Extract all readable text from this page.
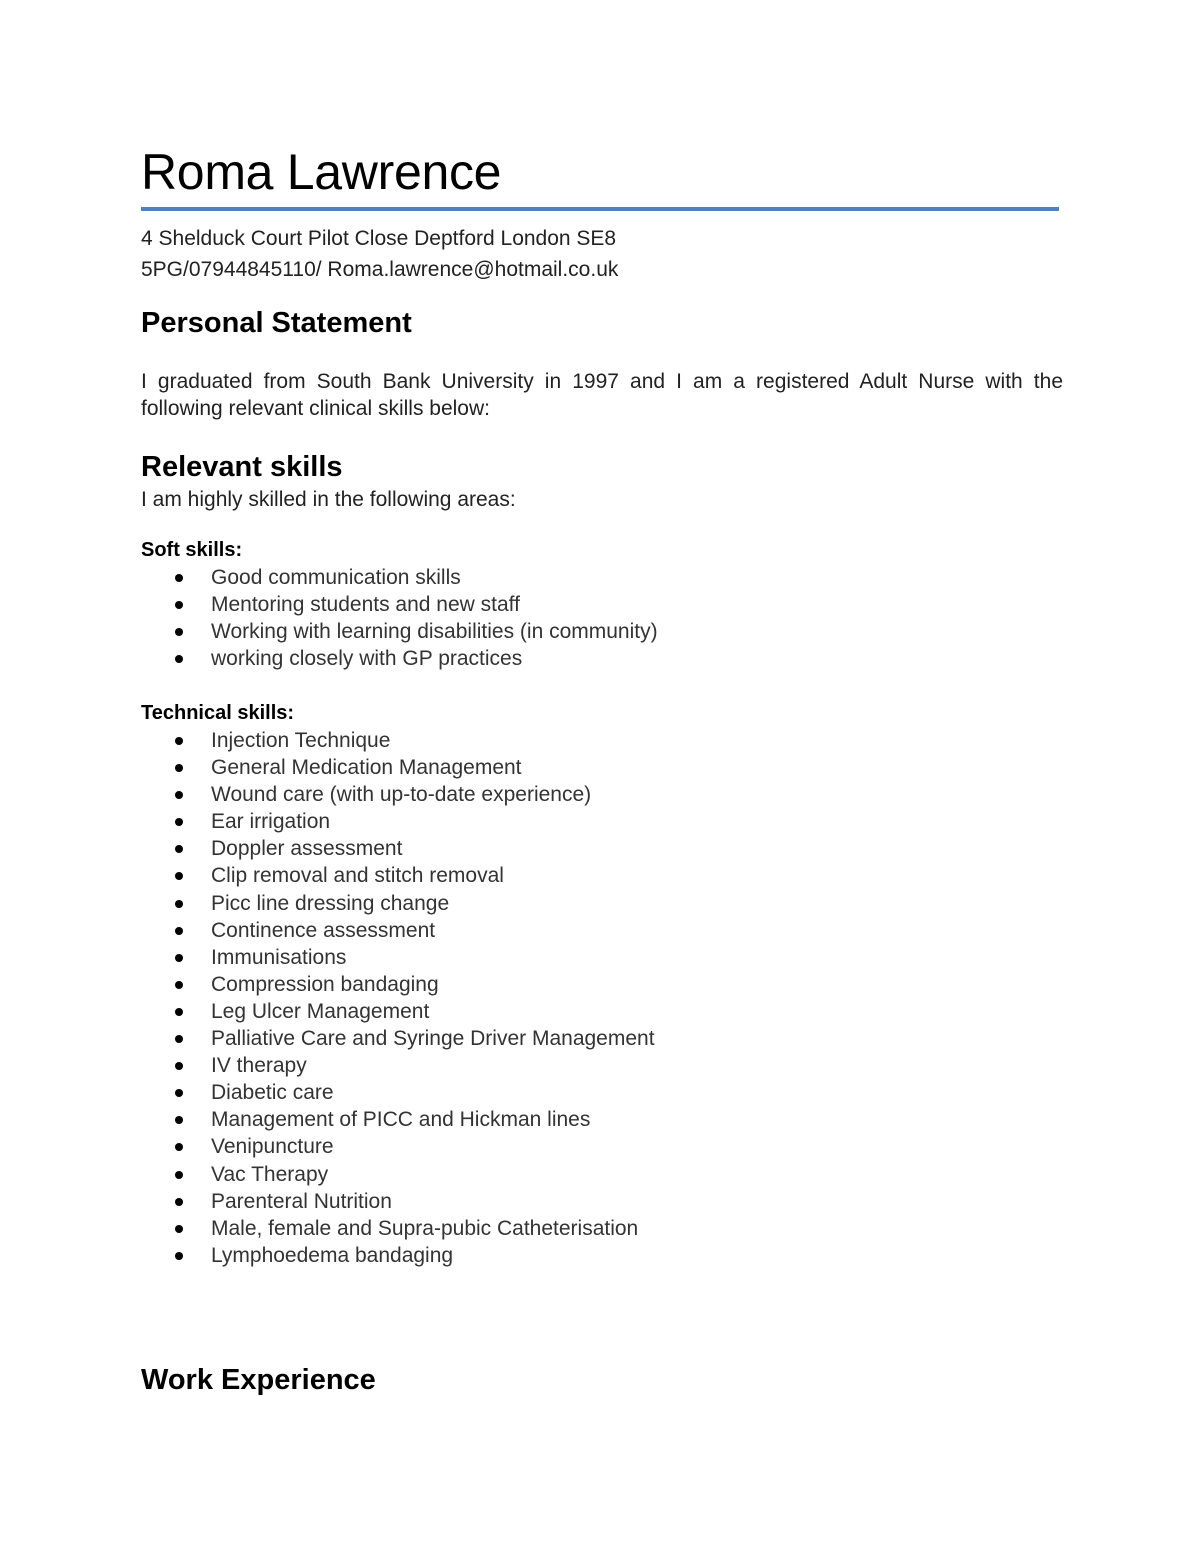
Roma Lawrence
4 Shelduck Court Pilot Close Deptford London SE8
5PG/07944845110/ Roma.lawrence@hotmail.co.uk
Personal Statement

I graduated from South Bank University in 1997 and I am a registered Adult Nurse with the following relevant clinical skills below:

Relevant skills

I am highly skilled in the following areas:

Soft skills:

Good communication skills
Mentoring students and new staff
Working with learning disabilities (in community)
working closely with GP practices

Technical skills:

Injection Technique
General Medication Management
Wound care (with up-to-date experience)
Ear irrigation
Doppler assessment
Clip removal and stitch removal
Picc line dressing change
Continence assessment
Immunisations
Compression bandaging
Leg Ulcer Management
Palliative Care and Syringe Driver Management
IV therapy
Diabetic care
Management of PICC and Hickman lines
Venipuncture
Vac Therapy
Parenteral Nutrition
Male, female and Supra-pubic Catheterisation
Lymphoedema bandaging
Work Experience
